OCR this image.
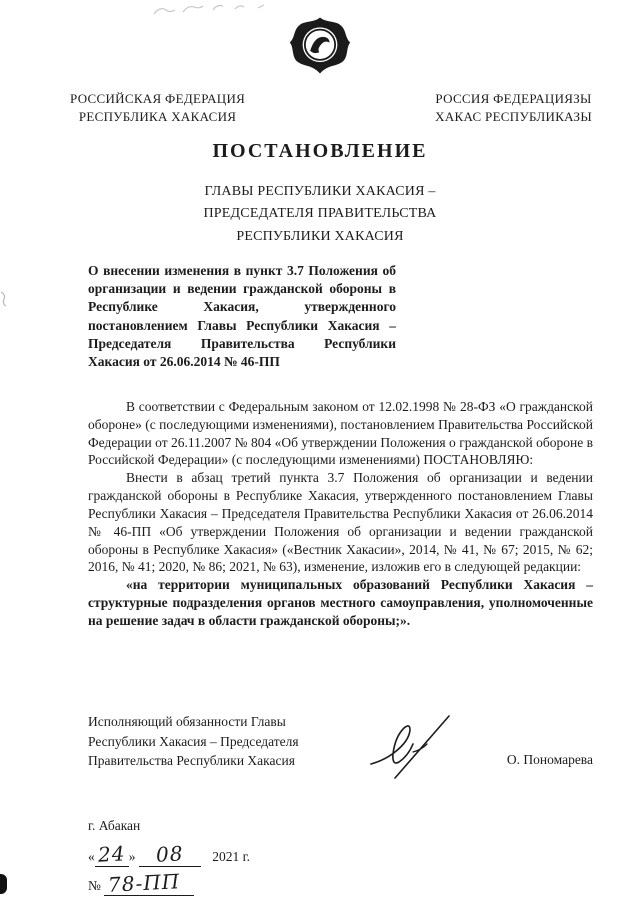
РОССИЙСКАЯ ФЕДЕРАЦИЯ
РЕСПУБЛИКА ХАКАСИЯ
РОССИЯ ФЕДЕРАЦИЯЗЫ
ХАКАС РЕСПУБЛИКАЗЫ
ПОСТАНОВЛЕНИЕ
ГЛАВЫ РЕСПУБЛИКИ ХАКАСИЯ –
ПРЕДСЕДАТЕЛЯ ПРАВИТЕЛЬСТВА
РЕСПУБЛИКИ ХАКАСИЯ
О внесении изменения в пункт 3.7 Положения об организации и ведении гражданской обороны в Республике Хакасия, утвержденного постановлением Главы Республики Хакасия – Председателя Правительства Республики Хакасия от 26.06.2014 № 46-ПП

В соответствии с Федеральным законом от 12.02.1998 № 28-ФЗ «О гражданской обороне» (с последующими изменениями), постановлением Правительства Российской Федерации от 26.11.2007 № 804 «Об утверждении Положения о гражданской обороне в Российской Федерации» (с последующими изменениями) ПОСТАНОВЛЯЮ:

Внести в абзац третий пункта 3.7 Положения об организации и ведении гражданской обороны в Республике Хакасия, утвержденного постановлением Главы Республики Хакасия – Председателя Правительства Республики Хакасия от 26.06.2014 № 46-ПП «Об утверждении Положения об организации и ведении гражданской обороны в Республике Хакасия» («Вестник Хакасии», 2014, № 41, № 67; 2015, № 62; 2016, № 41; 2020, № 86; 2021, № 63), изменение, изложив его в следующей редакции:

«на территории муниципальных образований Республики Хакасия – структурные подразделения органов местного самоуправления, уполномоченные на решение задач в области гражданской обороны;».

Исполняющий обязанности Главы
Республики Хакасия – Председателя
Правительства Республики Хакасия	О. Пономарева
г. Абакан
« 24 » 08 2021 г.
№ 78-ПП
